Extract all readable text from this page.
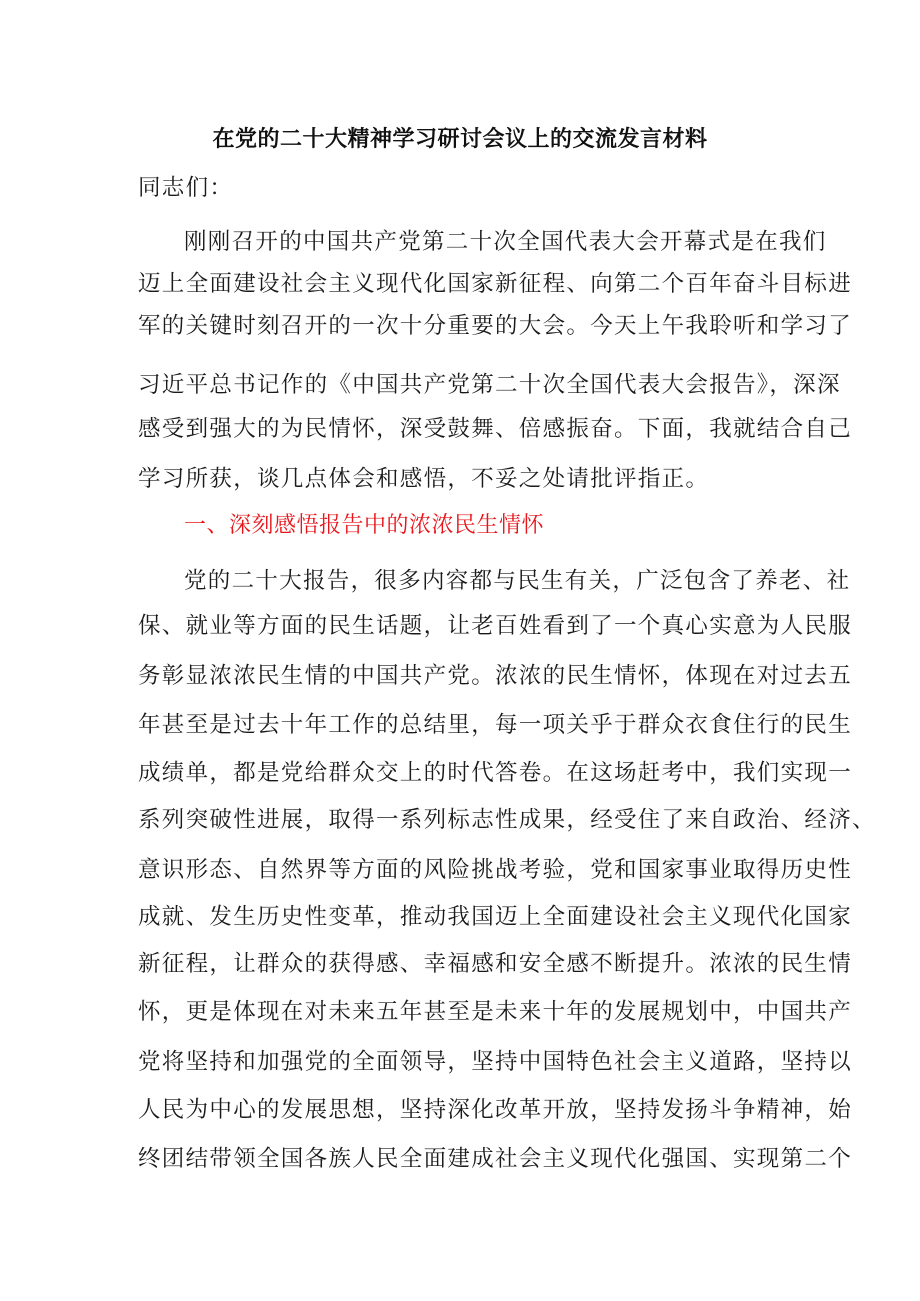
在党的二十大精神学习研讨会议上的交流发言材料
同志们：
刚刚召开的中国共产党第二十次全国代表大会开幕式是在我们
迈上全面建设社会主义现代化国家新征程、向第二个百年奋斗目标进
军的关键时刻召开的一次十分重要的大会。今天上午我聆听和学习了
习近平总书记作的《中国共产党第二十次全国代表大会报告》，深深
感受到强大的为民情怀，深受鼓舞、倍感振奋。下面，我就结合自己
学习所获，谈几点体会和感悟，不妥之处请批评指正。
一、深刻感悟报告中的浓浓民生情怀
党的二十大报告，很多内容都与民生有关，广泛包含了养老、社
保、就业等方面的民生话题，让老百姓看到了一个真心实意为人民服
务彰显浓浓民生情的中国共产党。浓浓的民生情怀，体现在对过去五
年甚至是过去十年工作的总结里，每一项关乎于群众衣食住行的民生
成绩单，都是党给群众交上的时代答卷。在这场赶考中，我们实现一
系列突破性进展，取得一系列标志性成果，经受住了来自政治、经济、
意识形态、自然界等方面的风险挑战考验，党和国家事业取得历史性
成就、发生历史性变革，推动我国迈上全面建设社会主义现代化国家
新征程，让群众的获得感、幸福感和安全感不断提升。浓浓的民生情
怀，更是体现在对未来五年甚至是未来十年的发展规划中，中国共产
党将坚持和加强党的全面领导，坚持中国特色社会主义道路，坚持以
人民为中心的发展思想，坚持深化改革开放，坚持发扬斗争精神，始
终团结带领全国各族人民全面建成社会主义现代化强国、实现第二个
